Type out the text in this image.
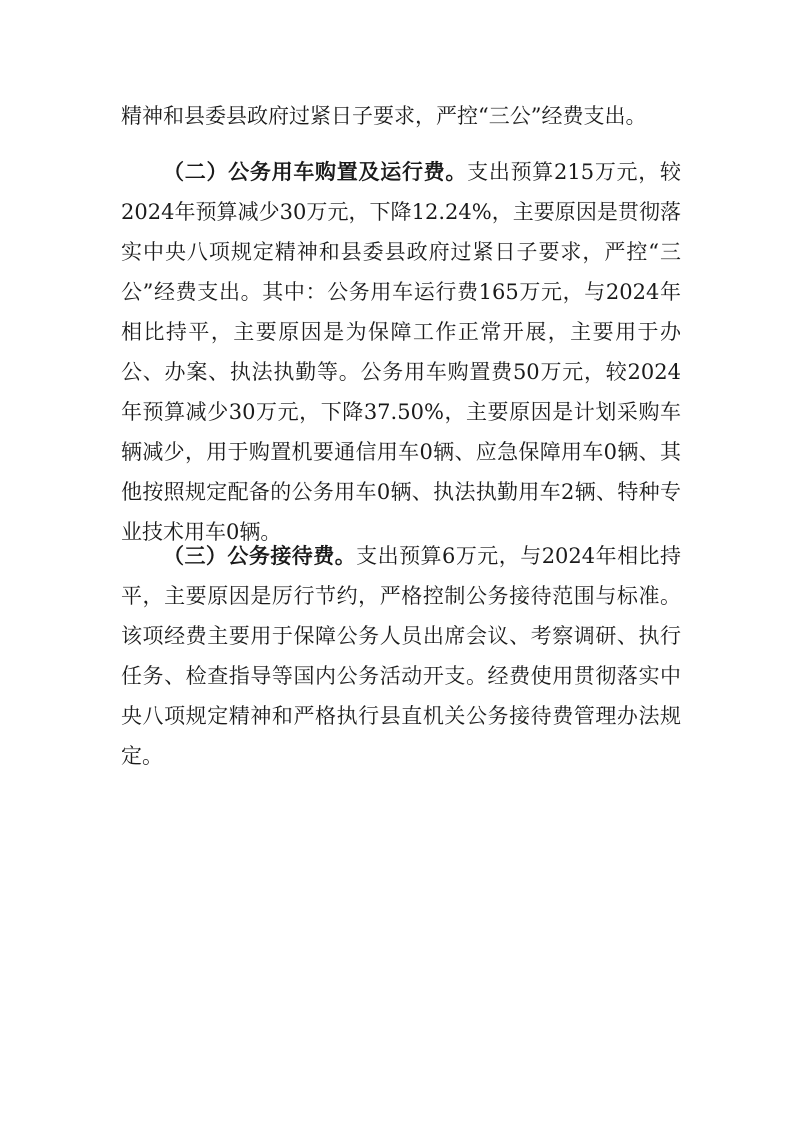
精神和县委县政府过紧日子要求，严控“三公”经费支出。

（二）公务用车购置及运行费。支出预算215万元，较2024年预算减少30万元，下降12.24%，主要原因是贯彻落实中央八项规定精神和县委县政府过紧日子要求，严控“三公”经费支出。其中：公务用车运行费165万元，与2024年相比持平，主要原因是为保障工作正常开展，主要用于办公、办案、执法执勤等。公务用车购置费50万元，较2024年预算减少30万元，下降37.50%，主要原因是计划采购车辆减少，用于购置机要通信用车0辆、应急保障用车0辆、其他按照规定配备的公务用车0辆、执法执勤用车2辆、特种专业技术用车0辆。

（三）公务接待费。支出预算6万元，与2024年相比持平，主要原因是厉行节约，严格控制公务接待范围与标准。该项经费主要用于保障公务人员出席会议、考察调研、执行任务、检查指导等国内公务活动开支。经费使用贯彻落实中央八项规定精神和严格执行县直机关公务接待费管理办法规定。
